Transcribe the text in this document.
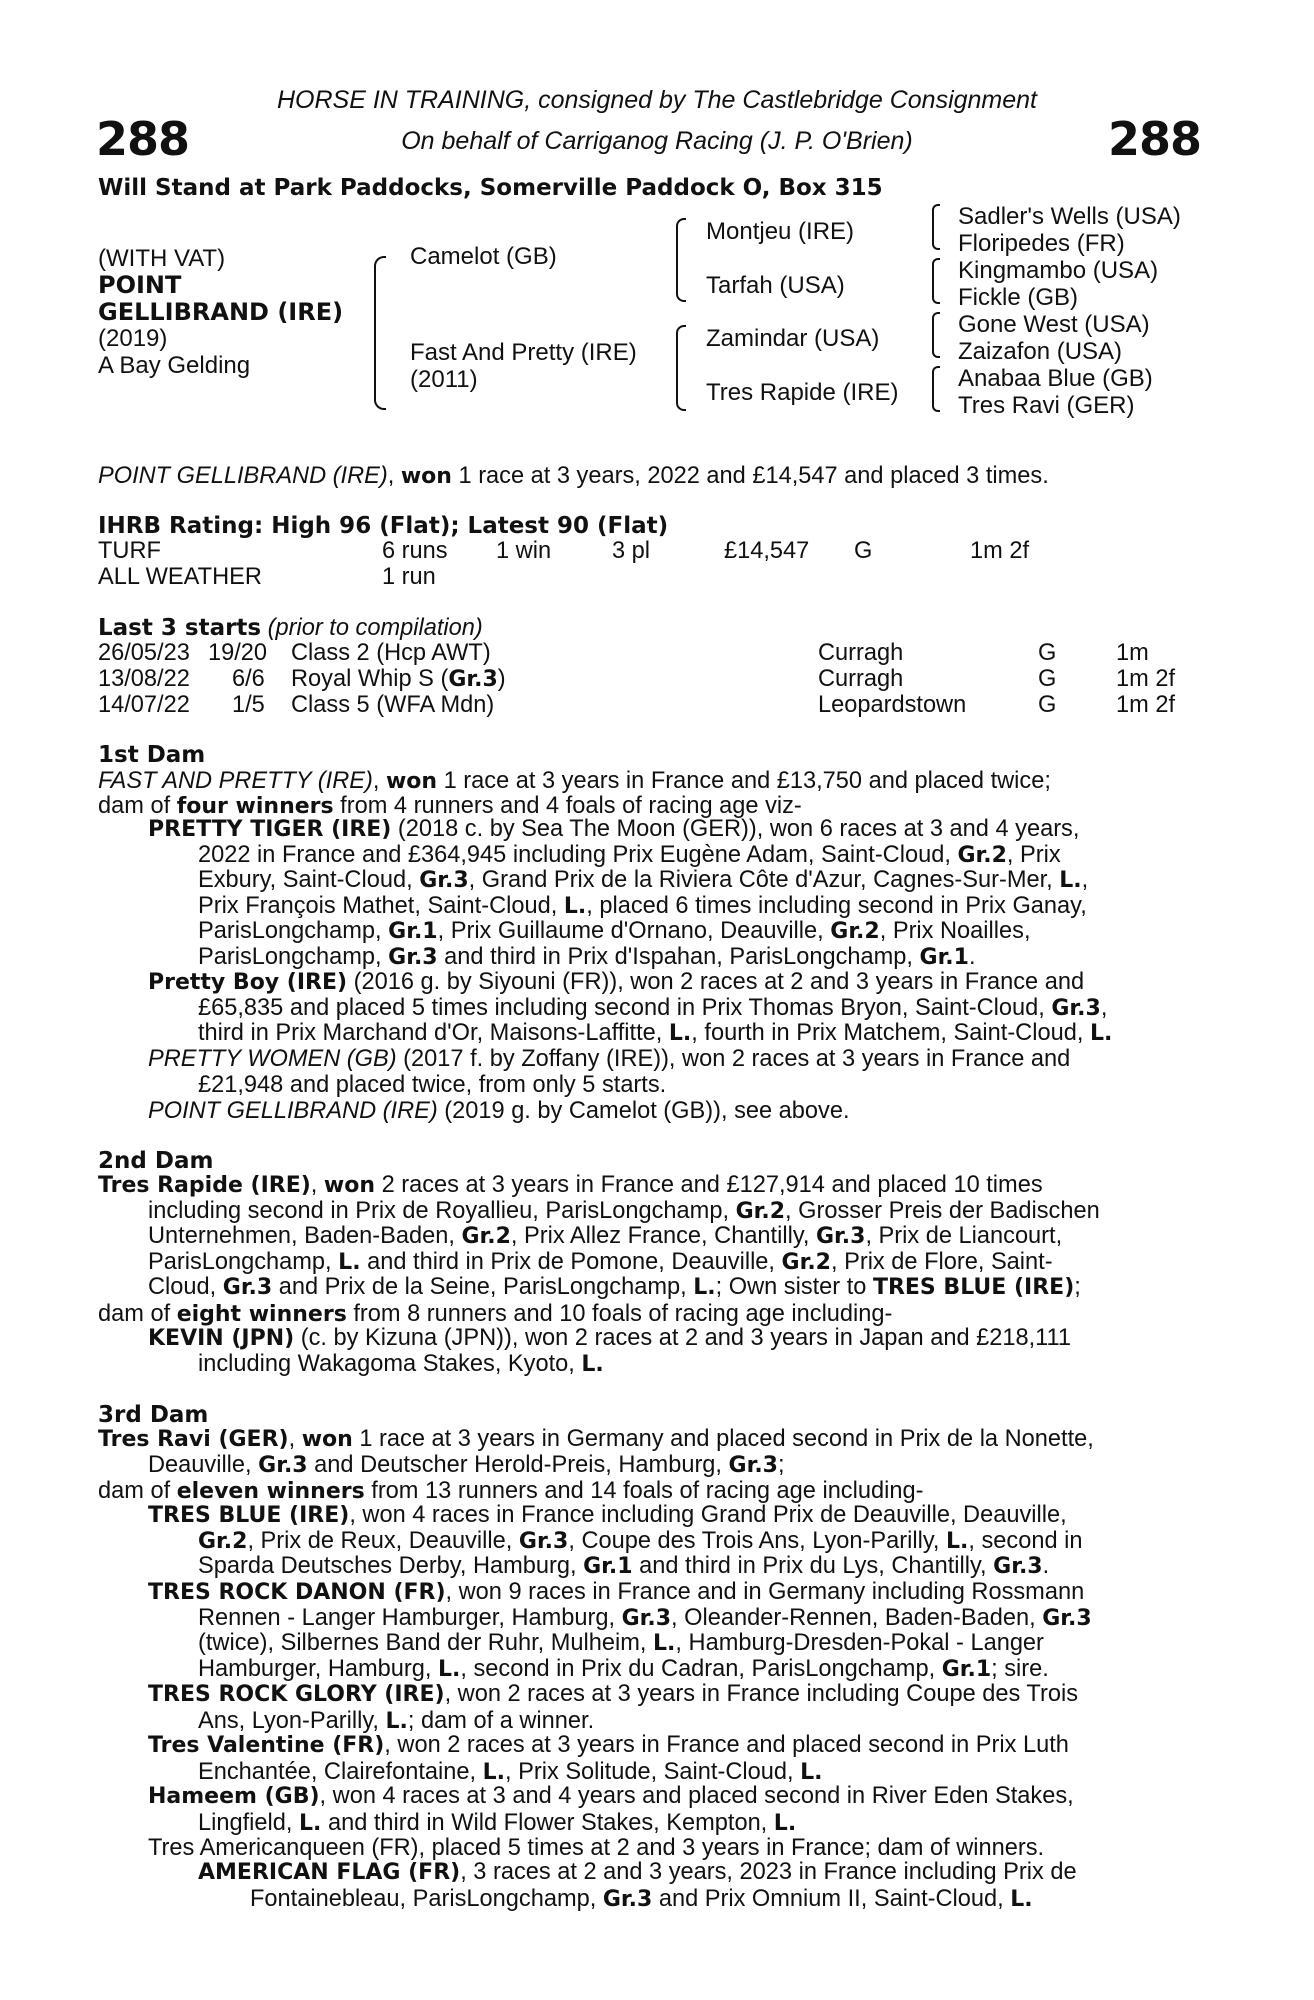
288	288
HORSE IN TRAINING, consigned by The Castlebridge Consignment
On behalf of Carriganog Racing (J. P. O'Brien)
Will Stand at Park Paddocks, Somerville Paddock O, Box 315
(WITH VAT)
POINT
GELLIBRAND (IRE)
(2019)
A Bay Gelding
Camelot (GB)
Fast And Pretty (IRE)
(2011)
Montjeu (IRE)
Tarfah (USA)
Zamindar (USA)
Tres Rapide (IRE)
Sadler's Wells (USA)
Floripedes (FR)
Kingmambo (USA)
Fickle (GB)
Gone West (USA)
Zaizafon (USA)
Anabaa Blue (GB)
Tres Ravi (GER)
POINT GELLIBRAND (IRE), won 1 race at 3 years, 2022 and £14,547 and placed 3 times.
IHRB Rating: High 96 (Flat); Latest 90 (Flat)
TURF	6 runs 1 win	3 pl	£14,547 G	1m 2f
ALL WEATHER	1 run
Last 3 starts (prior to compilation)
26/05/23 19/20 Class 2 (Hcp AWT)	Curragh	G	1m
13/08/22 6/6 Royal Whip S (Gr.3)	Curragh	G	1m 2f
14/07/22 1/5 Class 5 (WFA Mdn)	Leopardstown	G	1m 2f
1st Dam
FAST AND PRETTY (IRE), won 1 race at 3 years in France and £13,750 and placed twice;
dam of four winners from 4 runners and 4 foals of racing age viz-
PRETTY TIGER (IRE) (2018 c. by Sea The Moon (GER)), won 6 races at 3 and 4 years,
2022 in France and £364,945 including Prix Eugène Adam, Saint-Cloud, Gr.2, Prix
Exbury, Saint-Cloud, Gr.3, Grand Prix de la Riviera Côte d'Azur, Cagnes-Sur-Mer, L.,
Prix François Mathet, Saint-Cloud, L., placed 6 times including second in Prix Ganay,
ParisLongchamp, Gr.1, Prix Guillaume d'Ornano, Deauville, Gr.2, Prix Noailles,
ParisLongchamp, Gr.3 and third in Prix d'Ispahan, ParisLongchamp, Gr.1.
Pretty Boy (IRE) (2016 g. by Siyouni (FR)), won 2 races at 2 and 3 years in France and
£65,835 and placed 5 times including second in Prix Thomas Bryon, Saint-Cloud, Gr.3,
third in Prix Marchand d'Or, Maisons-Laffitte, L., fourth in Prix Matchem, Saint-Cloud, L.
PRETTY WOMEN (GB) (2017 f. by Zoffany (IRE)), won 2 races at 3 years in France and
£21,948 and placed twice, from only 5 starts.
POINT GELLIBRAND (IRE) (2019 g. by Camelot (GB)), see above.
2nd Dam
Tres Rapide (IRE), won 2 races at 3 years in France and £127,914 and placed 10 times
including second in Prix de Royallieu, ParisLongchamp, Gr.2, Grosser Preis der Badischen
Unternehmen, Baden-Baden, Gr.2, Prix Allez France, Chantilly, Gr.3, Prix de Liancourt,
ParisLongchamp, L. and third in Prix de Pomone, Deauville, Gr.2, Prix de Flore, Saint-
Cloud, Gr.3 and Prix de la Seine, ParisLongchamp, L.; Own sister to TRES BLUE (IRE);
dam of eight winners from 8 runners and 10 foals of racing age including-
KEVIN (JPN) (c. by Kizuna (JPN)), won 2 races at 2 and 3 years in Japan and £218,111
including Wakagoma Stakes, Kyoto, L.
3rd Dam
Tres Ravi (GER), won 1 race at 3 years in Germany and placed second in Prix de la Nonette,
Deauville, Gr.3 and Deutscher Herold-Preis, Hamburg, Gr.3;
dam of eleven winners from 13 runners and 14 foals of racing age including-
TRES BLUE (IRE), won 4 races in France including Grand Prix de Deauville, Deauville,
Gr.2, Prix de Reux, Deauville, Gr.3, Coupe des Trois Ans, Lyon-Parilly, L., second in
Sparda Deutsches Derby, Hamburg, Gr.1 and third in Prix du Lys, Chantilly, Gr.3.
TRES ROCK DANON (FR), won 9 races in France and in Germany including Rossmann
Rennen - Langer Hamburger, Hamburg, Gr.3, Oleander-Rennen, Baden-Baden, Gr.3
(twice), Silbernes Band der Ruhr, Mulheim, L., Hamburg-Dresden-Pokal - Langer
Hamburger, Hamburg, L., second in Prix du Cadran, ParisLongchamp, Gr.1; sire.
TRES ROCK GLORY (IRE), won 2 races at 3 years in France including Coupe des Trois
Ans, Lyon-Parilly, L.; dam of a winner.
Tres Valentine (FR), won 2 races at 3 years in France and placed second in Prix Luth
Enchantée, Clairefontaine, L., Prix Solitude, Saint-Cloud, L.
Hameem (GB), won 4 races at 3 and 4 years and placed second in River Eden Stakes,
Lingfield, L. and third in Wild Flower Stakes, Kempton, L.
Tres Americanqueen (FR), placed 5 times at 2 and 3 years in France; dam of winners.
AMERICAN FLAG (FR), 3 races at 2 and 3 years, 2023 in France including Prix de
Fontainebleau, ParisLongchamp, Gr.3 and Prix Omnium II, Saint-Cloud, L.
